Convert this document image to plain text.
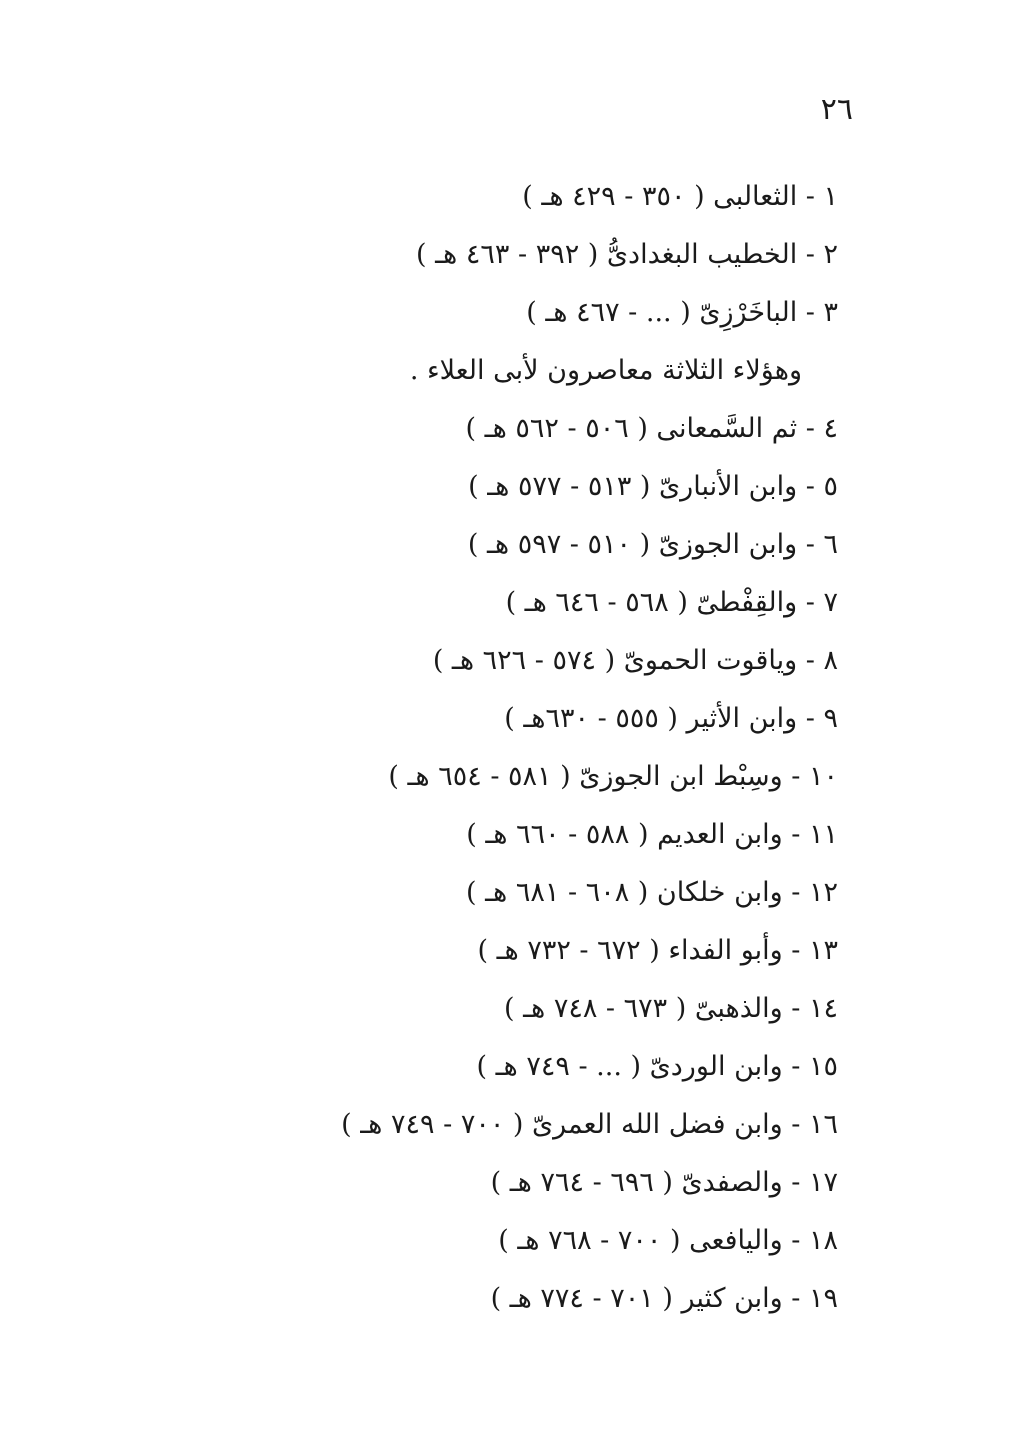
٢٦
١ - الثعالبى ( ٣٥٠ - ٤٢٩ هـ )
٢ - الخطيب البغدادىُّ ( ٣٩٢ - ٤٦٣ هـ )
٣ - الباخَرْزِىّ ( ... - ٤٦٧ هـ )
وهؤلاء الثلاثة معاصرون لأبى العلاء .
٤ - ثم السَّمعانى ( ٥٠٦ - ٥٦٢ هـ )
٥ - وابن الأنبارىّ ( ٥١٣ - ٥٧٧ هـ )
٦ - وابن الجوزىّ ( ٥١٠ - ٥٩٧ هـ )
٧ - والقِفْطىّ ( ٥٦٨ - ٦٤٦ هـ )
٨ - وياقوت الحموىّ ( ٥٧٤ - ٦٢٦ هـ )
٩ - وابن الأثير ( ٥٥٥ - ٦٣٠هـ )
١٠ - وسِبْط ابن الجوزىّ ( ٥٨١ - ٦٥٤ هـ )
١١ - وابن العديم ( ٥٨٨ - ٦٦٠ هـ )
١٢ - وابن خلكان ( ٦٠٨ - ٦٨١ هـ )
١٣ - وأبو الفداء ( ٦٧٢ - ٧٣٢ هـ )
١٤ - والذهبىّ ( ٦٧٣ - ٧٤٨ هـ )
١٥ - وابن الوردىّ ( ... - ٧٤٩ هـ )
١٦ - وابن فضل الله العمرىّ ( ٧٠٠ - ٧٤٩ هـ )
١٧ - والصفدىّ ( ٦٩٦ - ٧٦٤ هـ )
١٨ - واليافعى ( ٧٠٠ - ٧٦٨ هـ )
١٩ - وابن كثير ( ٧٠١ - ٧٧٤ هـ )
